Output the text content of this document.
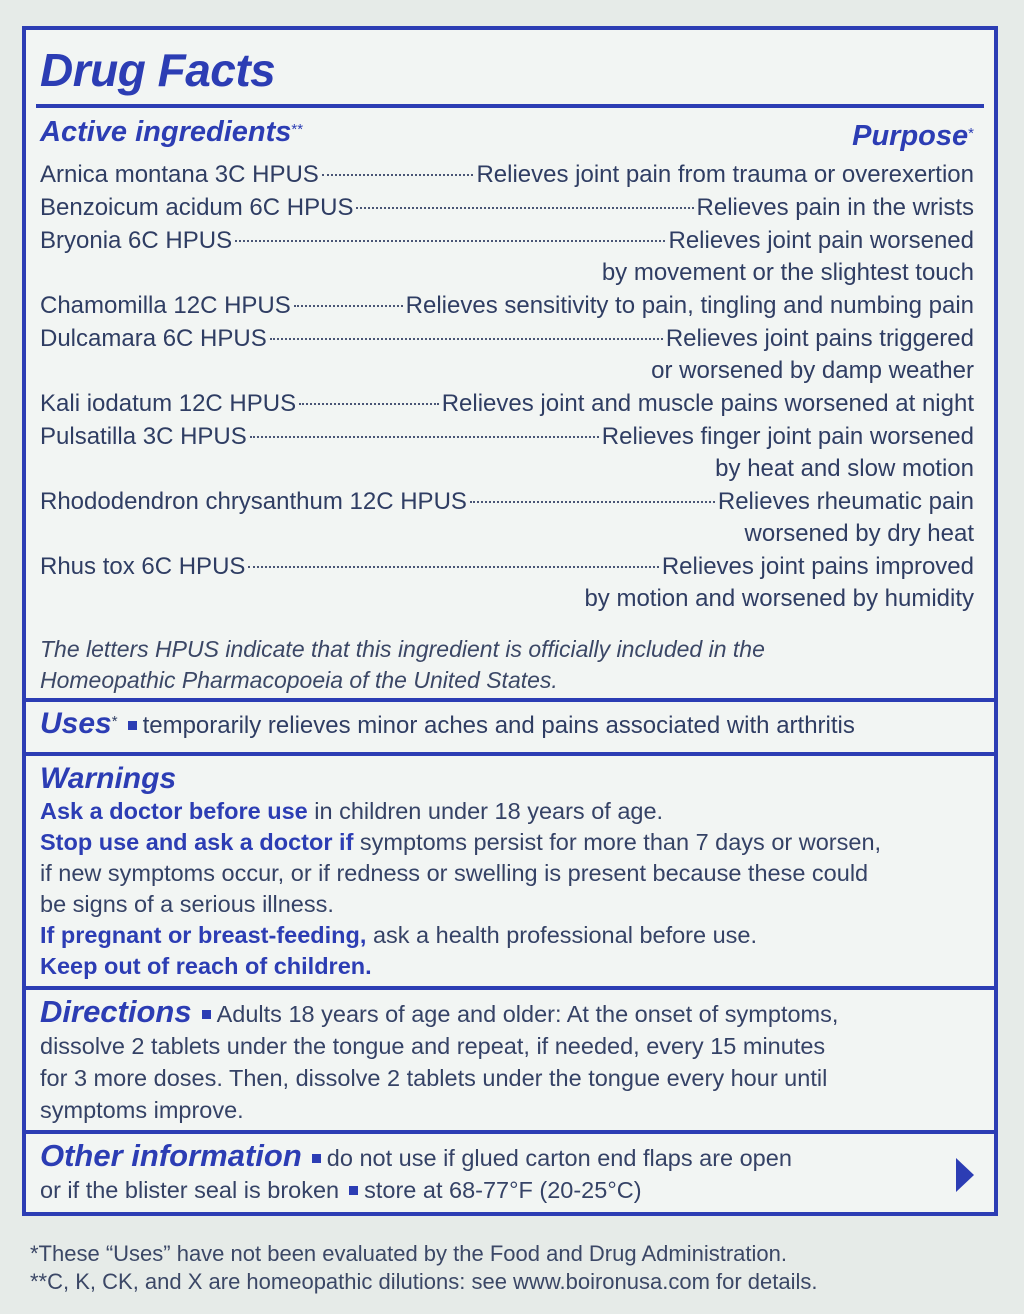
Drug Facts
Active ingredients**	Purpose*
Arnica montana 3C HPUS	Relieves joint pain from trauma or overexertion
Benzoicum acidum 6C HPUS	Relieves pain in the wrists
Bryonia 6C HPUS	Relieves joint pain worsened
by movement or the slightest touch
Chamomilla 12C HPUS	Relieves sensitivity to pain, tingling and numbing pain
Dulcamara 6C HPUS	Relieves joint pains triggered
or worsened by damp weather
Kali iodatum 12C HPUS	Relieves joint and muscle pains worsened at night
Pulsatilla 3C HPUS	Relieves finger joint pain worsened
by heat and slow motion
Rhododendron chrysanthum 12C HPUS	Relieves rheumatic pain
worsened by dry heat
Rhus tox 6C HPUS	Relieves joint pains improved
by motion and worsened by humidity
The letters HPUS indicate that this ingredient is officially included in the
Homeopathic Pharmacopoeia of the United States.
Uses* temporarily relieves minor aches and pains associated with arthritis
Warnings

Ask a doctor before use in children under 18 years of age.

Stop use and ask a doctor if symptoms persist for more than 7 days or worsen,

if new symptoms occur, or if redness or swelling is present because these could

be signs of a serious illness.

If pregnant or breast-feeding, ask a health professional before use.

Keep out of reach of children.

Directions Adults 18 years of age and older: At the onset of symptoms,
dissolve 2 tablets under the tongue and repeat, if needed, every 15 minutes
for 3 more doses. Then, dissolve 2 tablets under the tongue every hour until
symptoms improve.
Other information do not use if glued carton end flaps are open
or if the blister seal is broken store at 68-77°F (20-25°C)
*These “Uses” have not been evaluated by the Food and Drug Administration.
**C, K, CK, and X are homeopathic dilutions: see www.boironusa.com for details.
